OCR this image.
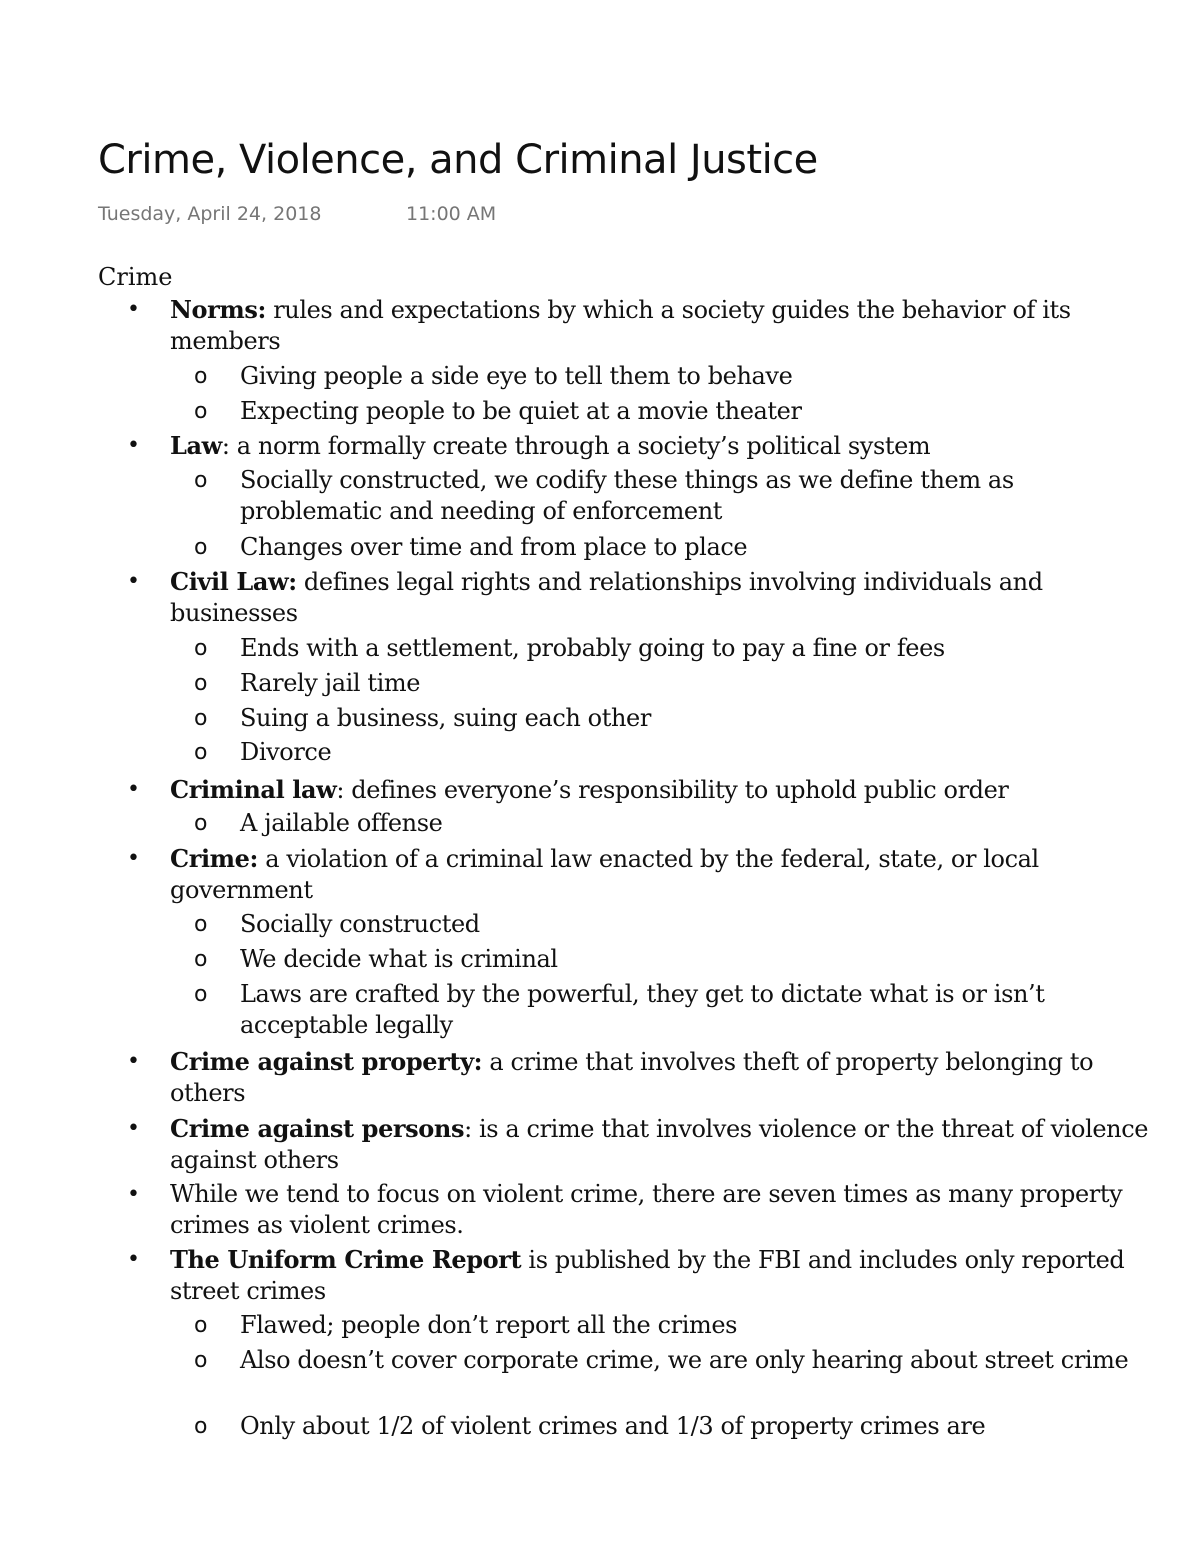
Crime, Violence, and Criminal Justice
Tuesday, April 24, 2018	11:00 AM
Crime
• Norms: rules and expectations by which a society guides the behavior of its members
o Giving people a side eye to tell them to behave
o Expecting people to be quiet at a movie theater
• Law: a norm formally create through a society’s political system
o Socially constructed, we codify these things as we define them as problematic and needing of enforcement
o Changes over time and from place to place
• Civil Law: defines legal rights and relationships involving individuals and businesses
o Ends with a settlement, probably going to pay a fine or fees
o Rarely jail time
o Suing a business, suing each other
o Divorce
• Criminal law: defines everyone’s responsibility to uphold public order
o A jailable offense
• Crime: a violation of a criminal law enacted by the federal, state, or local government
o Socially constructed
o We decide what is criminal
o Laws are crafted by the powerful, they get to dictate what is or isn’t acceptable legally
• Crime against property: a crime that involves theft of property belonging to others
• Crime against persons: is a crime that involves violence or the threat of violence against others
• While we tend to focus on violent crime, there are seven times as many property crimes as violent crimes.
• The Uniform Crime Report is published by the FBI and includes only reported street crimes
o Flawed; people don’t report all the crimes
o Also doesn’t cover corporate crime, we are only hearing about street crime
o Only about 1/2 of violent crimes and 1/3 of property crimes are
